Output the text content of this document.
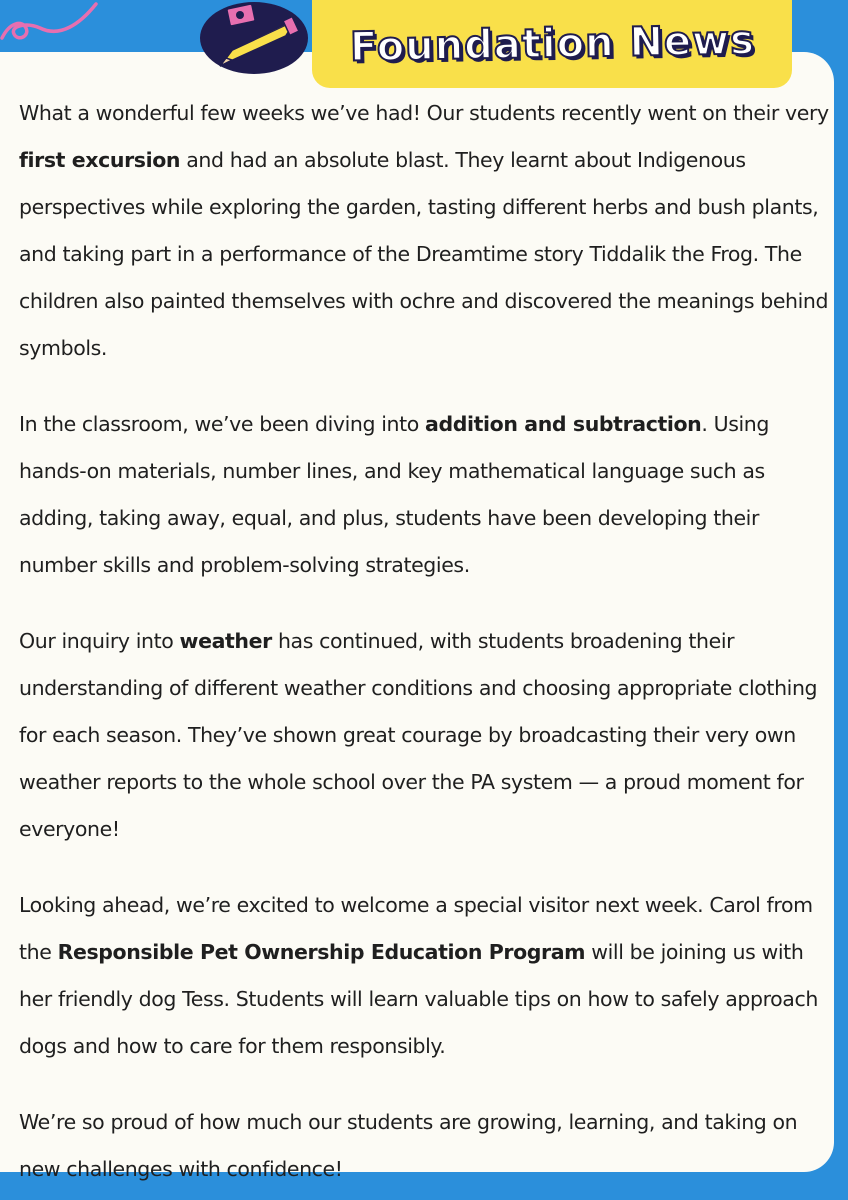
Foundation News

What a wonderful few weeks we’ve had! Our students recently went on their very first excursion and had an absolute blast. They learnt about Indigenous perspectives while exploring the garden, tasting different herbs and bush plants, and taking part in a performance of the Dreamtime story Tiddalik the Frog. The children also painted themselves with ochre and discovered the meanings behind symbols.

In the classroom, we’ve been diving into addition and subtraction. Using hands-on materials, number lines, and key mathematical language such as adding, taking away, equal, and plus, students have been developing their number skills and problem-solving strategies.

Our inquiry into weather has continued, with students broadening their understanding of different weather conditions and choosing appropriate clothing for each season. They’ve shown great courage by broadcasting their very own weather reports to the whole school over the PA system — a proud moment for everyone!

Looking ahead, we’re excited to welcome a special visitor next week. Carol from the Responsible Pet Ownership Education Program will be joining us with her friendly dog Tess. Students will learn valuable tips on how to safely approach dogs and how to care for them responsibly.

We’re so proud of how much our students are growing, learning, and taking on new challenges with confidence!
